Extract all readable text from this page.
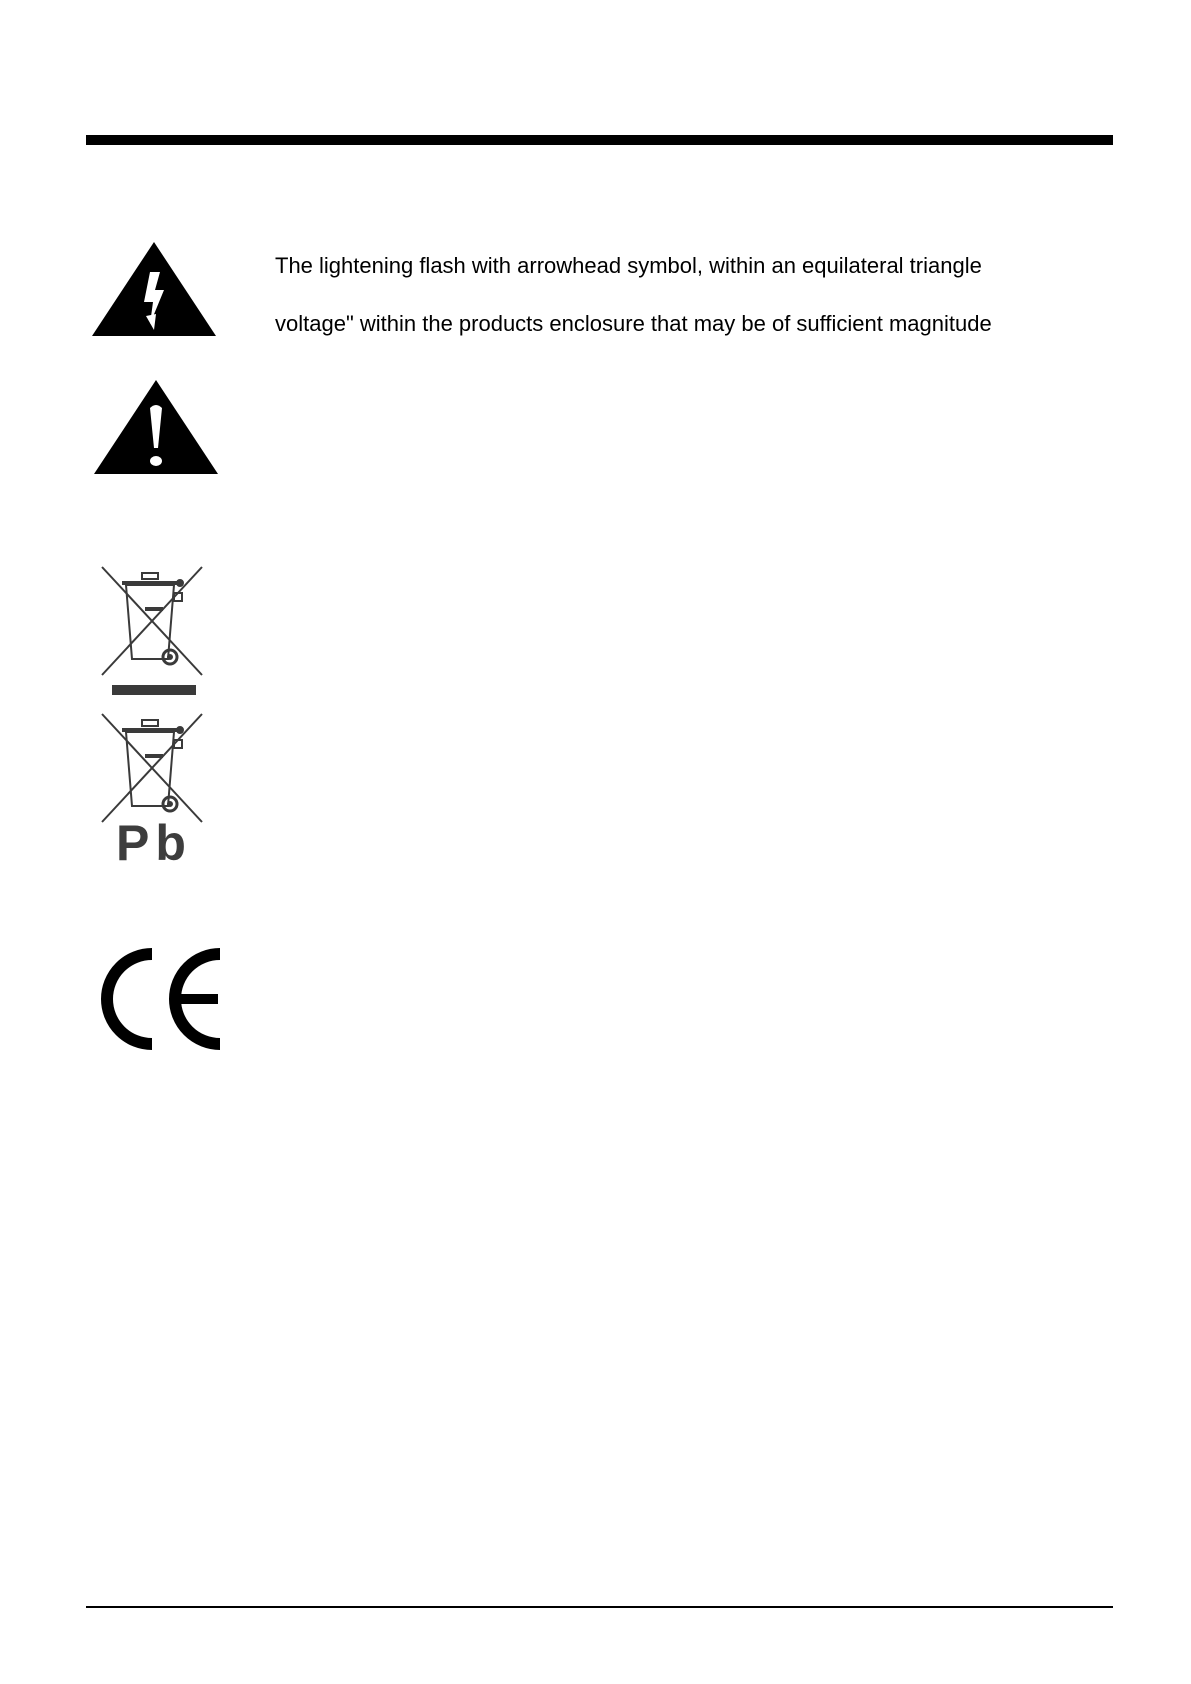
The lightening flash with arrowhead symbol, within an equilateral triangle
voltage" within the products enclosure that may be of sufficient magnitude
Pb
